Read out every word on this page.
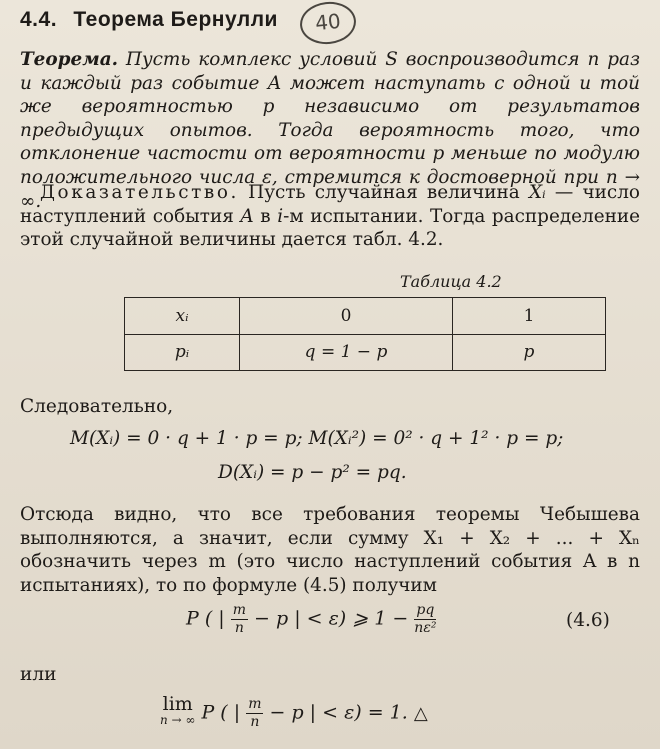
4.4. Теорема Бернулли	40
Теорема. Пусть комплекс условий S воспроизводится n раз и каждый раз событие A может наступать с одной и той же вероятностью p независимо от результатов предыдущих опытов. Тогда вероятность того, что отклонение частости от вероятности p меньше по модулю положительного числа ε, стремится к достоверной при n → ∞.
Доказательство. Пусть случайная величина Xᵢ — число наступлений события A в i-м испытании. Тогда распределение этой случайной величины дается табл. 4.2.
Таблица 4.2
xᵢ	0	1
pᵢ	q = 1 − p	p
Следовательно,
M(Xᵢ) = 0 · q + 1 · p = p; M(Xᵢ²) = 0² · q + 1² · p = p;
D(Xᵢ) = p − p² = pq.
Отсюда видно, что все требования теоремы Чебышева выполняются, а значит, если сумму X₁ + X₂ + ... + Xₙ обозначить через m (это число наступлений события A в n испытаниях), то по формуле (4.5) получим
P ( | $\frac{m}{n} - p$ | < ε) ⩾ $1 - \frac{pq}{\text{nε²}}$	(4.6)
или
lim
n → ∞ P ( | $\frac{m}{n} - p$ | < ε) = 1. △
